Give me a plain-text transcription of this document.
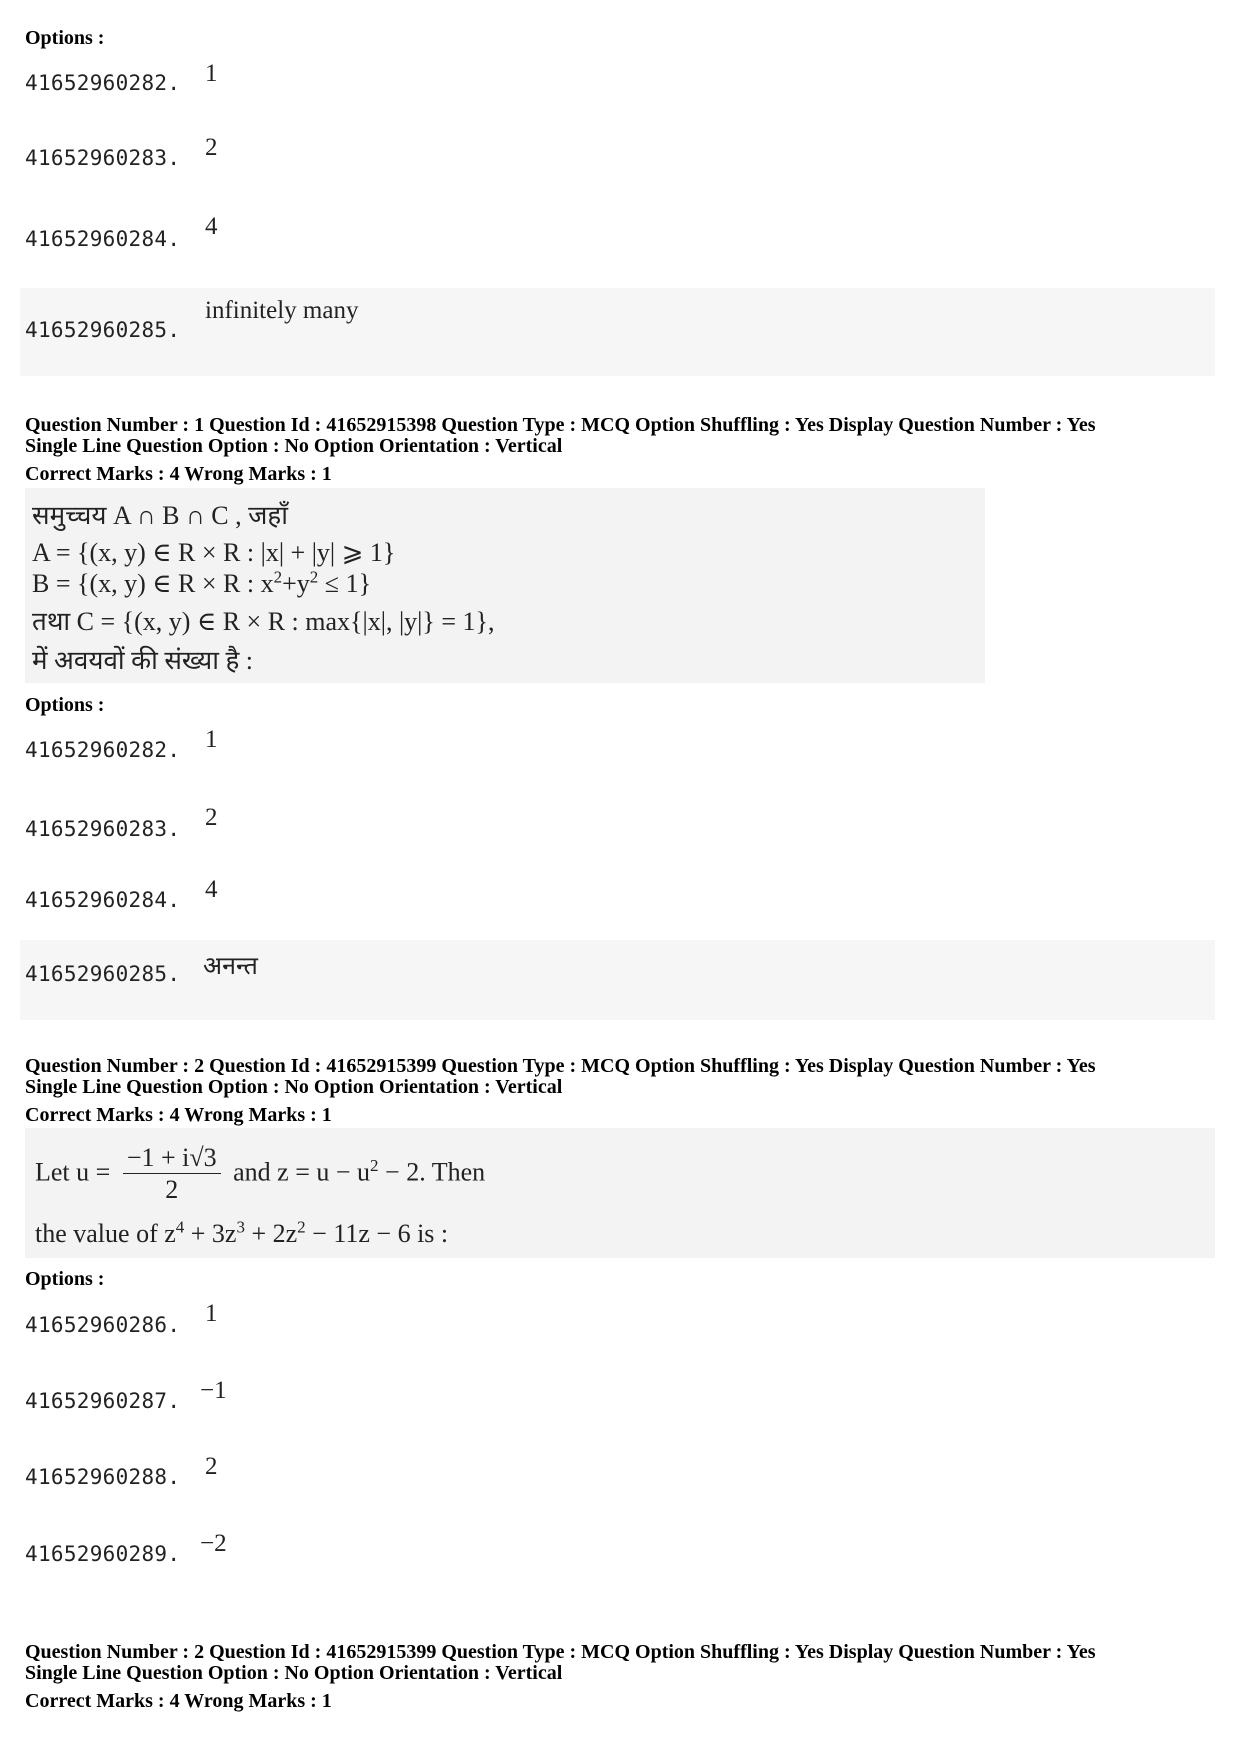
Options :
41652960282. 1
41652960283. 2
41652960284. 4
41652960285.
infinitely many
Question Number : 1 Question Id : 41652915398 Question Type : MCQ Option Shuffling : Yes Display Question Number : Yes
Single Line Question Option : No Option Orientation : Vertical
Correct Marks : 4 Wrong Marks : 1
समुच्चय A ∩ B ∩ C , जहाँ
A = {(x, y) ∈ R × R : |x| + |y| ⩾ 1}
B = {(x, y) ∈ R × R : $x^2+y^2 \le 1$}
तथा C = {(x, y) ∈ R × R : max{|x|, |y|} = 1},
में अवयवों की संख्या है :
Options :
41652960282. 1
41652960283. 2
41652960284. 4
41652960285. अनन्त
Question Number : 2 Question Id : 41652915399 Question Type : MCQ Option Shuffling : Yes Display Question Number : Yes
Single Line Question Option : No Option Orientation : Vertical
Correct Marks : 4 Wrong Marks : 1
Let $u = \frac{-1 + i√3}{2}$ and $z = u - u^2 - 2$. Then
the value of $z^4 + 3z^3 + 2z^2 - 11z - 6$ is :
Options :
41652960286. 1
41652960287. −1
41652960288. 2
41652960289. −2
Question Number : 2 Question Id : 41652915399 Question Type : MCQ Option Shuffling : Yes Display Question Number : Yes
Single Line Question Option : No Option Orientation : Vertical
Correct Marks : 4 Wrong Marks : 1
